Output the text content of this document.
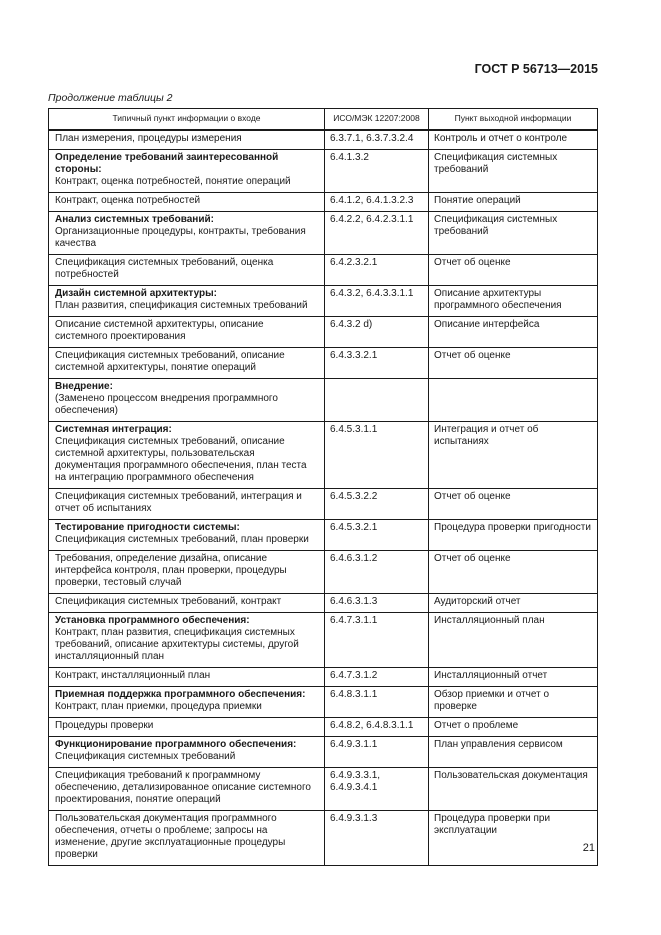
ГОСТ Р 56713—2015
Продолжение таблицы 2
Типичный пункт информации о входе	ИСО/МЭК 12207:2008	Пункт выходной информации
План измерения, процедуры измерения	6.3.7.1, 6.3.7.3.2.4	Контроль и отчет о контроле

Определение требований заинтересованной стороны:
Контракт, оценка потребностей, понятие операций	6.4.1.3.2	Спецификация системных требований
Контракт, оценка потребностей	6.4.1.2, 6.4.1.3.2.3	Понятие операций

Анализ системных требований:
Организационные процедуры, контракты, требования качества	6.4.2.2, 6.4.2.3.1.1	Спецификация системных требований
Спецификация системных требований, оценка потребностей	6.4.2.3.2.1	Отчет об оценке

Дизайн системной архитектуры:
План развития, спецификация системных требований	6.4.3.2, 6.4.3.3.1.1	Описание архитектуры программного обеспечения
Описание системной архитектуры, описание системного проектирования	6.4.3.2 d)	Описание интерфейса
Спецификация системных требований, описание системной архитектуры, понятие операций	6.4.3.3.2.1	Отчет об оценке

Внедрение:
(Заменено процессом внедрения программного обеспечения)		

Системная интеграция:
Спецификация системных требований, описание системной архитектуры, пользовательская документация программного обеспечения, план теста на интеграцию программного обеспечения	6.4.5.3.1.1	Интеграция и отчет об испытаниях
Спецификация системных требований, интеграция и отчет об испытаниях	6.4.5.3.2.2	Отчет об оценке

Тестирование пригодности системы:
Спецификация системных требований, план проверки	6.4.5.3.2.1	Процедура проверки пригодности
Требования, определение дизайна, описание интерфейса контроля, план проверки, процедуры проверки, тестовый случай	6.4.6.3.1.2	Отчет об оценке
Спецификация системных требований, контракт	6.4.6.3.1.3	Аудиторский отчет

Установка программного обеспечения:
Контракт, план развития, спецификация системных требований, описание архитектуры системы, другой инсталляционный план	6.4.7.3.1.1	Инсталляционный план
Контракт, инсталляционный план	6.4.7.3.1.2	Инсталляционный отчет

Приемная поддержка программного обеспечения:
Контракт, план приемки, процедура приемки	6.4.8.3.1.1	Обзор приемки и отчет о проверке
Процедуры проверки	6.4.8.2, 6.4.8.3.1.1	Отчет о проблеме

Функционирование программного обеспечения:
Спецификация системных требований	6.4.9.3.1.1	План управления сервисом
Спецификация требований к программному обеспечению, детализированное описание системного проектирования, понятие операций	6.4.9.3.3.1, 6.4.9.3.4.1	Пользовательская документация
Пользовательская документация программного обеспечения, отчеты о проблеме; запросы на изменение, другие эксплуатационные процедуры проверки	6.4.9.3.1.3	Процедура проверки при эксплуатации
21
